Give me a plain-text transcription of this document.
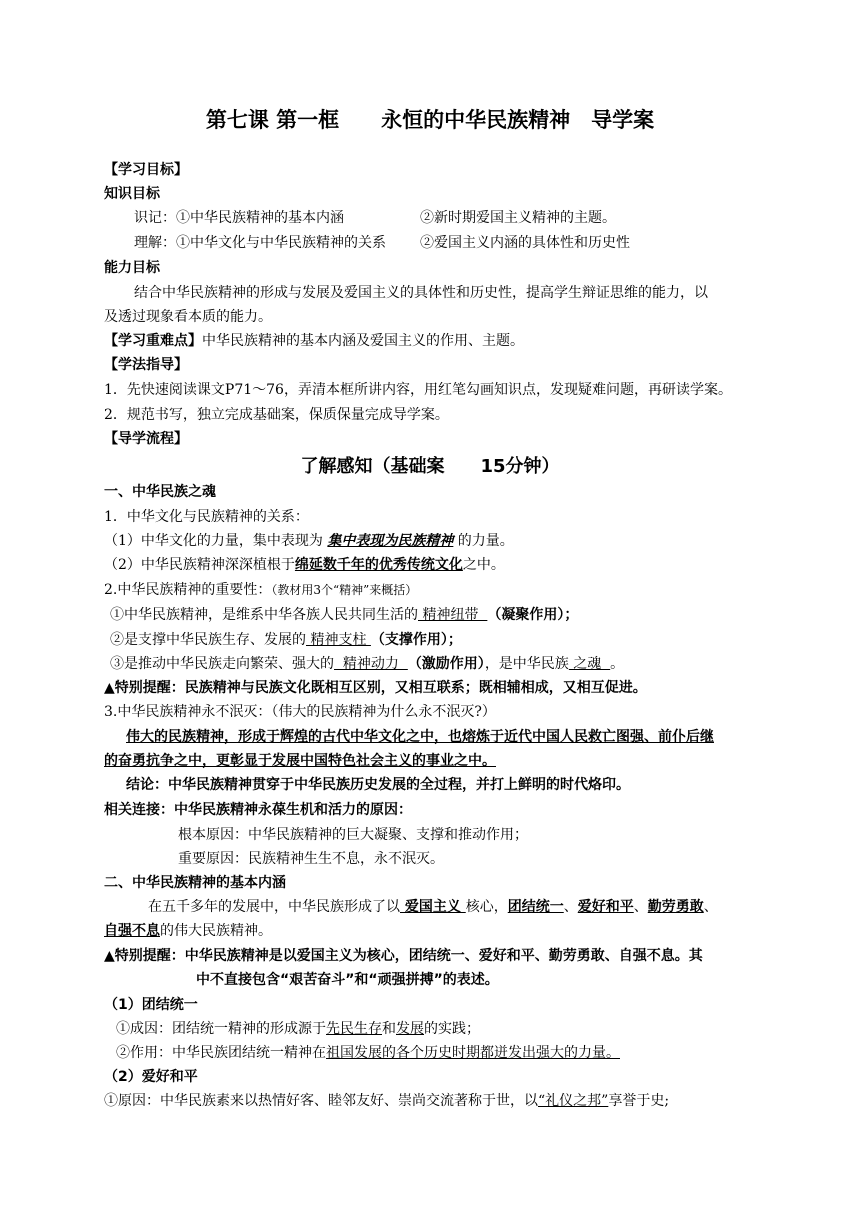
第七课 第一框　　永恒的中华民族精神　导学案
【学习目标】
知识目标
识记：①中华民族精神的基本内涵	②新时期爱国主义精神的主题。
理解：①中华文化与中华民族精神的关系 ②爱国主义内涵的具体性和历史性
能力目标
结合中华民族精神的形成与发展及爱国主义的具体性和历史性，提高学生辩证思维的能力，以
及透过现象看本质的能力。
【学习重难点】中华民族精神的基本内涵及爱国主义的作用、主题。
【学法指导】
1．先快速阅读课文P71～76，弄清本框所讲内容，用红笔勾画知识点，发现疑难问题，再研读学案。
2．规范书写，独立完成基础案，保质保量完成导学案。
【导学流程】
了解感知（基础案　　15分钟）
一、中华民族之魂
1．中华文化与民族精神的关系：
（1）中华文化的力量，集中表现为 集中表现为民族精神 的力量。
（2）中华民族精神深深植根于绵延数千年的优秀传统文化之中。
2.中华民族精神的重要性：（教材用3个“精神”来概括）
①中华民族精神，是维系中华各族人民共同生活的 精神纽带  （凝聚作用）；
②是支撑中华民族生存、发展的 精神支柱 （支撑作用）；
③是推动中华民族走向繁荣、强大的  精神动力  （激励作用），是中华民族 之魂  。
▲特别提醒：民族精神与民族文化既相互区别，又相互联系；既相辅相成，又相互促进。
3.中华民族精神永不泯灭：（伟大的民族精神为什么永不泯灭?）
伟大的民族精神，形成于辉煌的古代中华文化之中，也熔炼于近代中国人民救亡图强、前仆后继
的奋勇抗争之中，更彰显于发展中国特色社会主义的事业之中。
结论：中华民族精神贯穿于中华民族历史发展的全过程，并打上鲜明的时代烙印。
相关连接：中华民族精神永葆生机和活力的原因：
根本原因：中华民族精神的巨大凝聚、支撑和推动作用；
重要原因：民族精神生生不息，永不泯灭。
二、中华民族精神的基本内涵
在五千多年的发展中，中华民族形成了以 爱国主义 核心，团结统一、爱好和平、勤劳勇敢、
自强不息的伟大民族精神。
▲特别提醒：中华民族精神是以爱国主义为核心，团结统一、爱好和平、勤劳勇敢、自强不息。其
中不直接包含“艰苦奋斗”和“顽强拼搏”的表述。
（1）团结统一
①成因：团结统一精神的形成源于先民生存和发展的实践；
②作用：中华民族团结统一精神在祖国发展的各个历史时期都迸发出强大的力量。
（2）爱好和平
①原因：中华民族素来以热情好客、睦邻友好、崇尚交流著称于世，以“礼仪之邦”享誉于史;
